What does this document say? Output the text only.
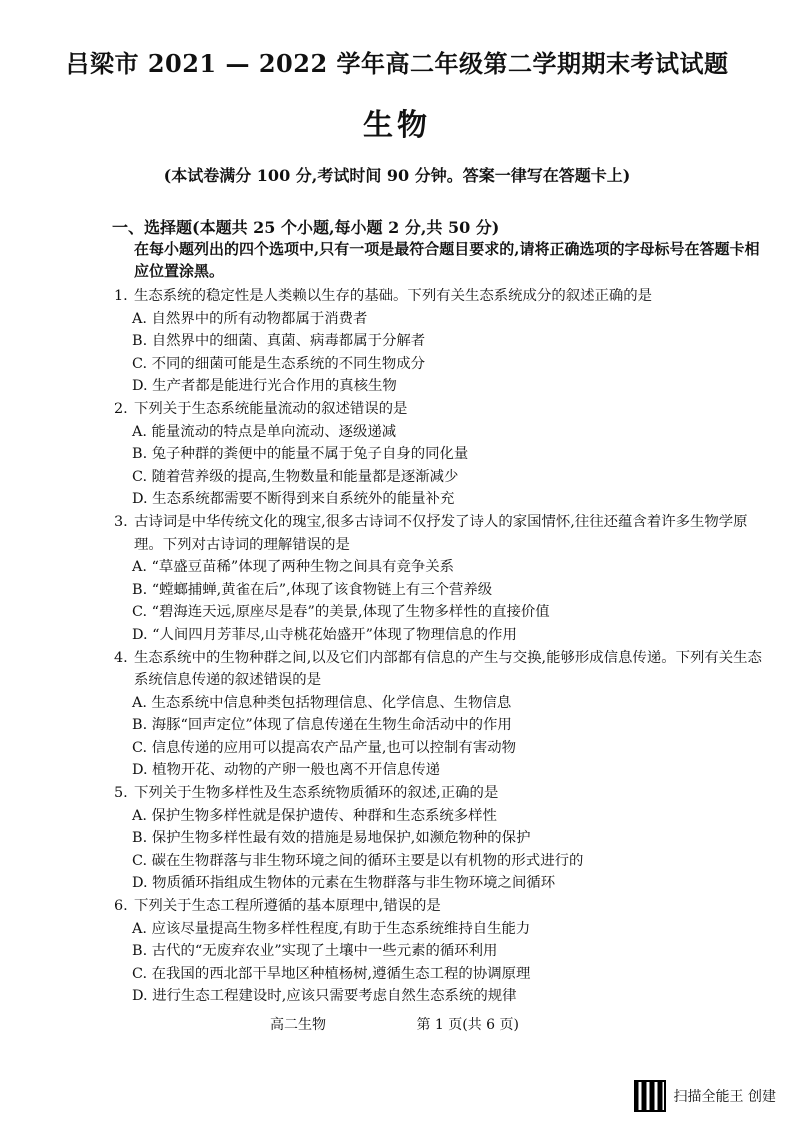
吕梁市 2021 — 2022 学年高二年级第二学期期末考试试题
生物
(本试卷满分 100 分,考试时间 90 分钟。答案一律写在答题卡上)
一、选择题(本题共 25 个小题,每小题 2 分,共 50 分)
在每小题列出的四个选项中,只有一项是最符合题目要求的,请将正确选项的字母标号在答题卡相应位置涂黑。
1. 生态系统的稳定性是人类赖以生存的基础。下列有关生态系统成分的叙述正确的是
A. 自然界中的所有动物都属于消费者
B. 自然界中的细菌、真菌、病毒都属于分解者
C. 不同的细菌可能是生态系统的不同生物成分
D. 生产者都是能进行光合作用的真核生物
2. 下列关于生态系统能量流动的叙述错误的是
A. 能量流动的特点是单向流动、逐级递减
B. 兔子种群的粪便中的能量不属于兔子自身的同化量
C. 随着营养级的提高,生物数量和能量都是逐渐减少
D. 生态系统都需要不断得到来自系统外的能量补充
3. 古诗词是中华传统文化的瑰宝,很多古诗词不仅抒发了诗人的家国情怀,往往还蕴含着许多生物学原理。下列对古诗词的理解错误的是
A. “草盛豆苗稀”体现了两种生物之间具有竞争关系
B. “螳螂捕蝉,黄雀在后”,体现了该食物链上有三个营养级
C. “碧海连天远,原座尽是春”的美景,体现了生物多样性的直接价值
D. “人间四月芳菲尽,山寺桃花始盛开”体现了物理信息的作用
4. 生态系统中的生物种群之间,以及它们内部都有信息的产生与交换,能够形成信息传递。下列有关生态系统信息传递的叙述错误的是
A. 生态系统中信息种类包括物理信息、化学信息、生物信息
B. 海豚“回声定位”体现了信息传递在生物生命活动中的作用
C. 信息传递的应用可以提高农产品产量,也可以控制有害动物
D. 植物开花、动物的产卵一般也离不开信息传递
5. 下列关于生物多样性及生态系统物质循环的叙述,正确的是
A. 保护生物多样性就是保护遗传、种群和生态系统多样性
B. 保护生物多样性最有效的措施是易地保护,如濒危物种的保护
C. 碳在生物群落与非生物环境之间的循环主要是以有机物的形式进行的
D. 物质循环指组成生物体的元素在生物群落与非生物环境之间循环
6. 下列关于生态工程所遵循的基本原理中,错误的是
A. 应该尽量提高生物多样性程度,有助于生态系统维持自生能力
B. 古代的“无废弃农业”实现了土壤中一些元素的循环利用
C. 在我国的西北部干旱地区种植杨树,遵循生态工程的协调原理
D. 进行生态工程建设时,应该只需要考虑自然生态系统的规律
高二生物	第 1 页(共 6 页)
扫描全能王 创建
